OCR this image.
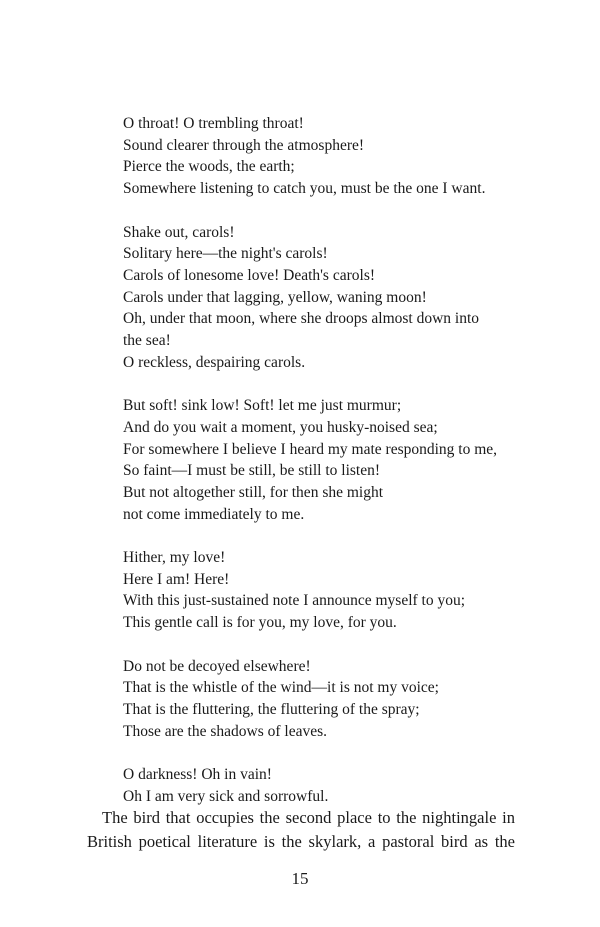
O throat! O trembling throat!
Sound clearer through the atmosphere!
Pierce the woods, the earth;
Somewhere listening to catch you, must be the one I want.
Shake out, carols!
Solitary here—the night's carols!
Carols of lonesome love! Death's carols!
Carols under that lagging, yellow, waning moon!
Oh, under that moon, where she droops almost down into
the sea!
O reckless, despairing carols.
But soft! sink low! Soft! let me just murmur;
And do you wait a moment, you husky-noised sea;
For somewhere I believe I heard my mate responding to me,
So faint—I must be still, be still to listen!
But not altogether still, for then she might
not come immediately to me.
Hither, my love!
Here I am! Here!
With this just-sustained note I announce myself to you;
This gentle call is for you, my love, for you.
Do not be decoyed elsewhere!
That is the whistle of the wind—it is not my voice;
That is the fluttering, the fluttering of the spray;
Those are the shadows of leaves.
O darkness! Oh in vain!
Oh I am very sick and sorrowful.
The bird that occupies the second place to the nightingale in
British poetical literature is the skylark, a pastoral bird as the
15
